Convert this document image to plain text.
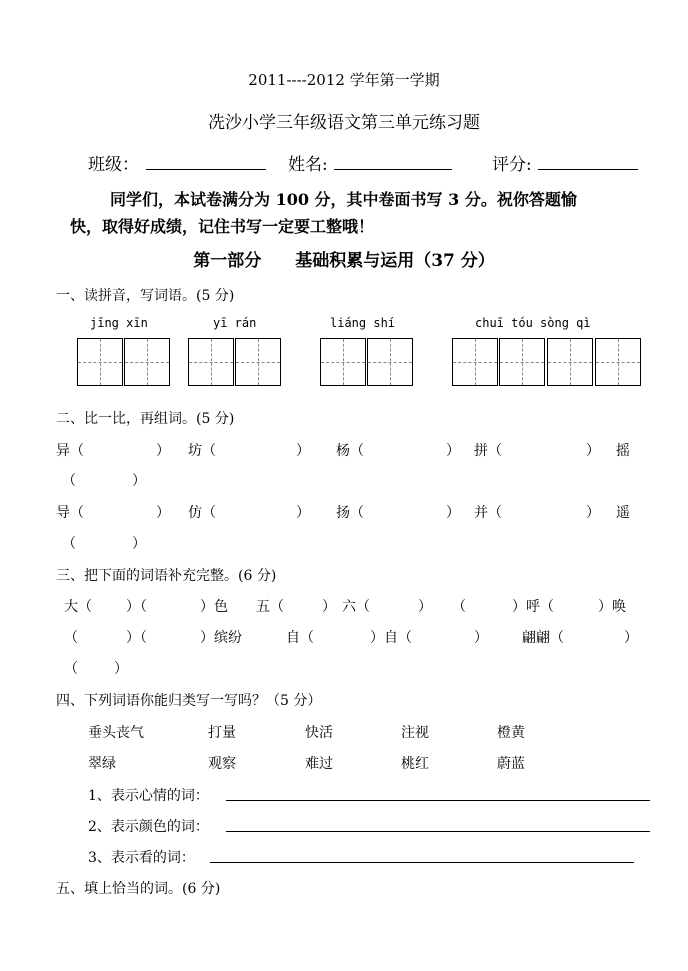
2011----2012 学年第一学期
冼沙小学三年级语文第三单元练习题
班级：	姓名:	评分:
同学们，本试卷满分为 100 分，其中卷面书写 3 分。祝你答题愉快，取得好成绩，记住书写一定要工整哦！
第一部分 基础积累与运用（37 分）
一、读拼音，写词语。(5 分)
jīng xīn	yī rán	liáng shí	chuī tóu sòng qì
二、比一比，再组词。(5 分)
异（	） 坊（	） 杨（	） 拼（	） 摇
（	）
导（	） 仿（	） 扬（	） 并（	） 遥
（	）
三、把下面的词语补充完整。(6 分)
大（ ）（	）色 五（	） 六（	） （	）呼（	）唤
（	）（	）缤纷	自（	）自（	） 翩翩（	）
（	）
四、下列词语你能归类写一写吗？（5 分）
垂头丧气	打量	快活	注视	橙黄
翠绿	观察	难过	桃红	蔚蓝
1、表示心情的词：
2、表示颜色的词：
3、表示看的词：
五、填上恰当的词。(6 分)
